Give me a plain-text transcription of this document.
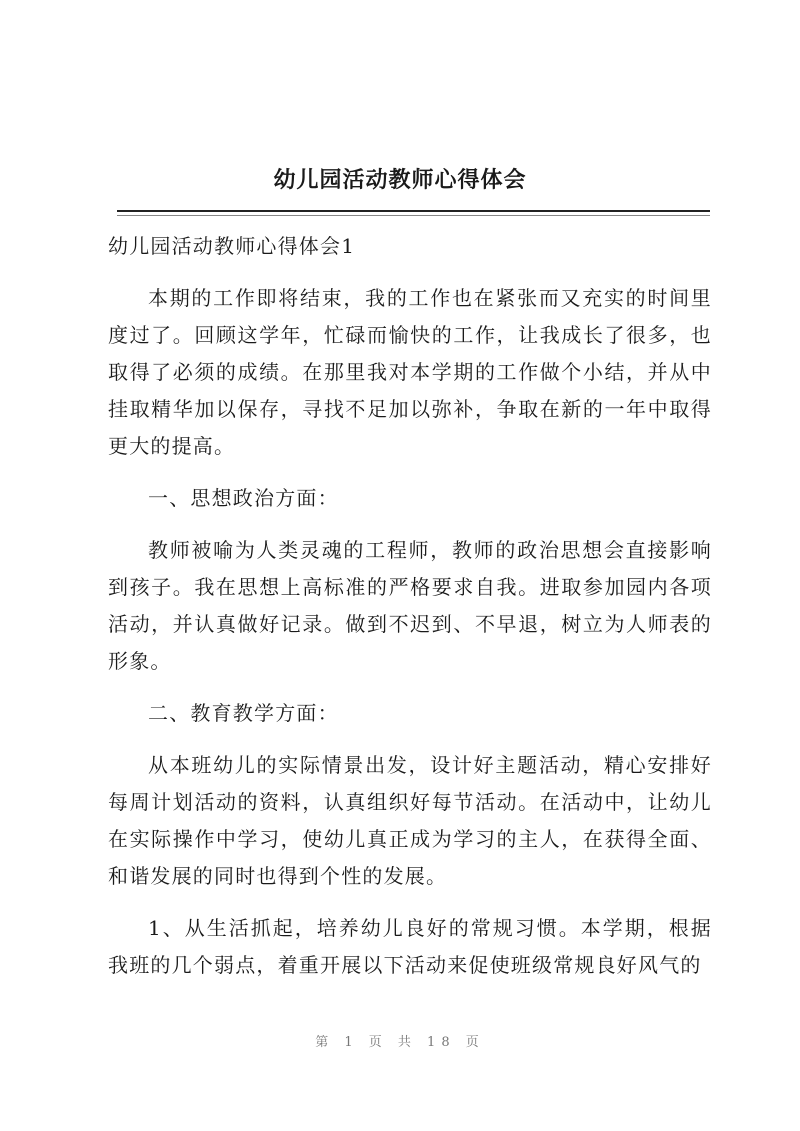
幼儿园活动教师心得体会

幼儿园活动教师心得体会1

本期的工作即将结束，我的工作也在紧张而又充实的时间里度过了。回顾这学年，忙碌而愉快的工作，让我成长了很多，也取得了必须的成绩。在那里我对本学期的工作做个小结，并从中挂取精华加以保存，寻找不足加以弥补，争取在新的一年中取得更大的提高。

一、思想政治方面：

教师被喻为人类灵魂的工程师，教师的政治思想会直接影响到孩子。我在思想上高标准的严格要求自我。进取参加园内各项活动，并认真做好记录。做到不迟到、不早退，树立为人师表的形象。

二、教育教学方面：

从本班幼儿的实际情景出发，设计好主题活动，精心安排好每周计划活动的资料，认真组织好每节活动。在活动中，让幼儿在实际操作中学习，使幼儿真正成为学习的主人，在获得全面、和谐发展的同时也得到个性的发展。

1、从生活抓起，培养幼儿良好的常规习惯。本学期，根据我班的几个弱点，着重开展以下活动来促使班级常规良好风气的

第 1 页 共 18 页
